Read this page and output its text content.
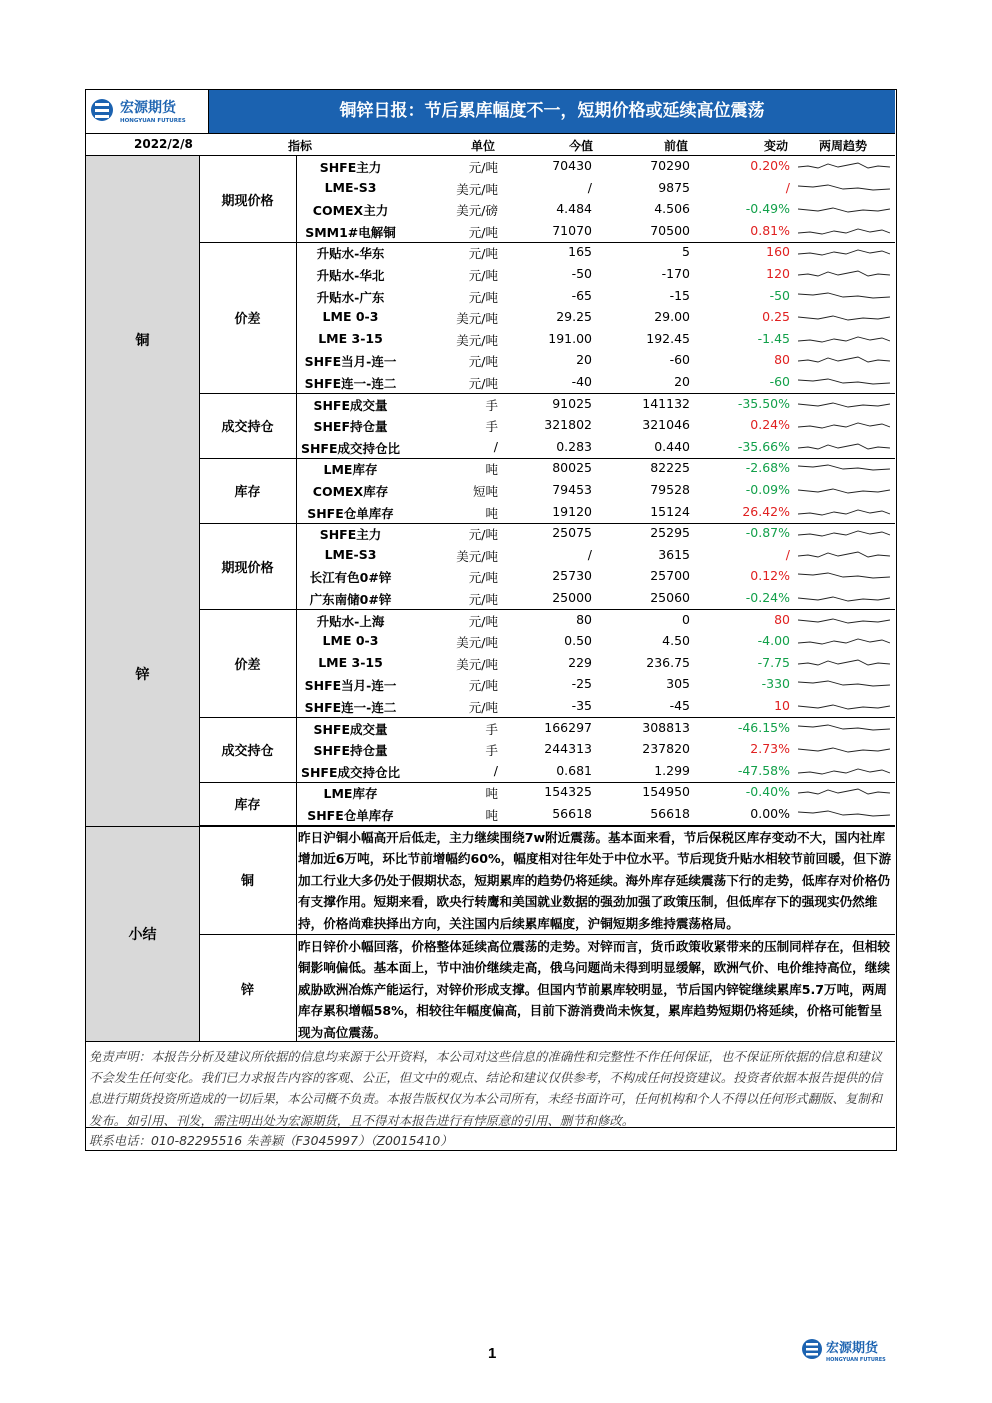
宏源期货
HONGYUAN FUTURES	铜锌日报：节后累库幅度不一，短期价格或延续高位震荡
2022/2/8	指标	单位	今值	前值	变动	两周趋势
SHFE主力	元/吨	70430	70290	0.20%
LME-S3	美元/吨	/	9875	/
COMEX主力	美元/磅	4.484	4.506	-0.49%
SMM1#电解铜	元/吨	71070	70500	0.81%
期现价格
升贴水-华东	元/吨	165	5	160
升贴水-华北	元/吨	-50	-170	120
升贴水-广东	元/吨	-65	-15	-50
LME 0-3	美元/吨	29.25	29.00	0.25
LME 3-15	美元/吨	191.00	192.45	-1.45
SHFE当月-连一	元/吨	20	-60	80
SHFE连一-连二	元/吨	-40	20	-60
价差
SHFE成交量	手	91025	141132	-35.50%
SHEF持仓量	手	321802	321046	0.24%
SHFE成交持仓比	/	0.283	0.440	-35.66%
成交持仓
LME库存	吨	80025	82225	-2.68%
COMEX库存	短吨	79453	79528	-0.09%
SHFE仓单库存	吨	19120	15124	26.42%
库存
铜
SHFE主力	元/吨	25075	25295	-0.87%
LME-S3	美元/吨	/	3615	/
长江有色0#锌	元/吨	25730	25700	0.12%
广东南储0#锌	元/吨	25000	25060	-0.24%
期现价格
升贴水-上海	元/吨	80	0	80
LME 0-3	美元/吨	0.50	4.50	-4.00
LME 3-15	美元/吨	229	236.75	-7.75
SHFE当月-连一	元/吨	-25	305	-330
SHFE连一-连二	元/吨	-35	-45	10
价差
SHFE成交量	手	166297	308813	-46.15%
SHFE持仓量	手	244313	237820	2.73%
SHFE成交持仓比	/	0.681	1.299	-47.58%
成交持仓
LME库存	吨	154325	154950	-0.40%
SHFE仓单库存	吨	56618	56618	0.00%
库存
锌
小结
铜
昨日沪铜小幅高开后低走，主力继续围绕7w附近震荡。基本面来看，节后保税区库存变动不大，国内社库增加近6万吨，环比节前增幅约60%，幅度相对往年处于中位水平。节后现货升贴水相较节前回暖，但下游加工行业大多仍处于假期状态，短期累库的趋势仍将延续。海外库存延续震荡下行的走势，低库存对价格仍有支撑作用。短期来看，欧央行转鹰和美国就业数据的强劲加强了政策压制，但低库存下的强现实仍然维持，价格尚难抉择出方向，关注国内后续累库幅度，沪铜短期多维持震荡格局。
锌
昨日锌价小幅回落，价格整体延续高位震荡的走势。对锌而言，货币政策收紧带来的压制同样存在，但相较铜影响偏低。基本面上，节中油价继续走高，俄乌问题尚未得到明显缓解，欧洲气价、电价维持高位，继续威胁欧洲冶炼产能运行，对锌价形成支撑。但国内节前累库较明显，节后国内锌锭继续累库5.7万吨，两周库存累积增幅58%，相较往年幅度偏高，目前下游消费尚未恢复，累库趋势短期仍将延续，价格可能暂呈现为高位震荡。
免责声明：本报告分析及建议所依据的信息均来源于公开资料，本公司对这些信息的准确性和完整性不作任何保证，也不保证所依据的信息和建议不会发生任何变化。我们已力求报告内容的客观、公正，但文中的观点、结论和建议仅供参考，不构成任何投资建议。投资者依据本报告提供的信息进行期货投资所造成的一切后果，本公司概不负责。本报告版权仅为本公司所有，未经书面许可，任何机构和个人不得以任何形式翻版、复制和发布。如引用、刊发，需注明出处为宏源期货，且不得对本报告进行有悖原意的引用、删节和修改。
联系电话：010-82295516 朱善颖（F3045997）（Z0015410）
1	宏源期货
HONGYUAN FUTURES
